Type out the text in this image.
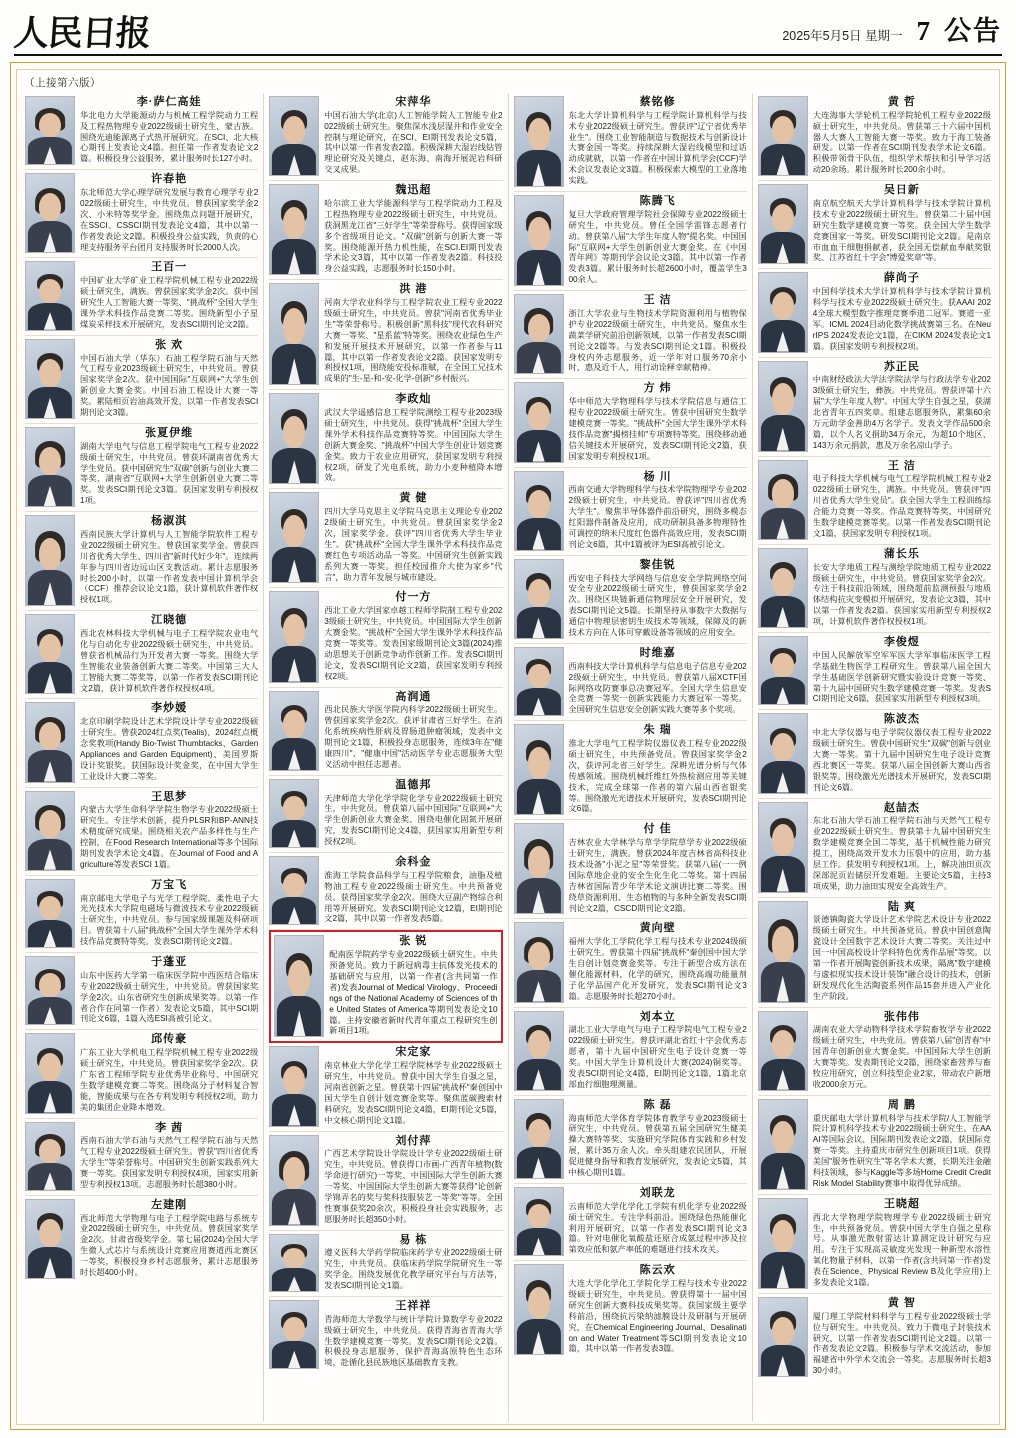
人民日报	2025年5月5日 星期一 7 公告
（上接第六版）
李·萨仁高娃
华北电力大学能源动力与机械工程学院动力工程及工程热物理专业2022级硕士研究生，蒙古族。围绕光迪能源离子式热开展研究。在SCI、北大核心期刊上发表论文4篇。担任第一作者发表论文2篇。积极投身公益服务，累计服务时长127小时。
许春艳
东北师范大学心理学研究发展与教育心理学专业2022级硕士研究生，中共党员。曾获国家奖学金2次、小米特等奖学金。围绕焦点问题开展研究，在SSCI、CSSCI期刊发表论文4篇，其中以第一作者发表论文2篇。积极投身公益实践，负责的心理支持服务平台团月支持服务时长2000人次。
王百一
中国矿业大学矿业工程学院机械工程专业2022级硕士研究生，满族。曾获国家奖学金2次。获中国研究生人工智能大赛一等奖、"挑战杯"全国大学生课外学术科技作品竞赛二等奖。围绕新型小子星煤炭采样技术开展研究，发表SCI期刊论文2篇。
张 欢
中国石油大学（华东）石油工程学院石油与天然气工程专业2023级硕士研究生，中共党员。曾获国家奖学金2次。获中国国际"互联网+"大学生创新创业大赛金奖。中国石油工程设计大赛一等奖。累陆相页岩油高效开发，以第一作者发表SCI期刊论文3篇。
张夏伊维
湖南大学电气与信息工程学院电气工程专业2022级硕士研究生，中共党员。曾获环湖南省优秀大学生党员。获中国研究生"双碳"创新与创业大赛二等奖、湖南省"互联网+大学生创新创业大赛二等奖。发表SCI期刊论文3篇。获国家发明专利授权1项。
杨淑淇
西南民族大学计算机与人工智能学院软件工程专业2022级硕士研究生。曾获国家奖学金。曾获四川省优秀大学生、四川省"新时代好少年"。连续两年参与四川省边远山区支教活动。累计志愿服务时长200小时，以第一作者发表中国计算机学会（CCF）推荐会议论文1篇，获计算机软件著作权授权1项。
江晓德
西北农林科技大学机械与电子工程学院农业电气化与自动化专业2022级硕士研究生，中共党员。曾获省机械品行为开发者大赛一等奖。围绕大学生智能农业装备创新大赛二等奖。中国第三大人工智能大赛二等奖等，以第一作者发表SCI期刊论文2篇，获计算机软件著作权授权4项。
李炒媛
北京印刷学院设计艺术学院设计学专业2022级硕士研究生。曾获2024红点奖(Tealis)、2024红点概念奖教项(Handy Bio-Twist Thumbtacks、Garden Appliances and Garden Equipment)、美国罗斯设计奖银奖。获国际设计奖金奖，在中国大学生工业设计大赛二等奖。
王思梦
内蒙古大学生命科学学院生物学专业2022级硕士研究生。专注学术创新，提升PLSR和BP-ANN技术精度研究成果。围绕相关农产品多样性与生产控制，在Food Research International等多个国际期刊发表学术论文4篇。在Journal of Food and Agriculture等发表SCI 1篇。
万宝飞
南京邮电大学电子与光学工程学院、柔性电子大光光技术大学院电磁场与微波技术专业2022级硕士研究生，中共党员。参与国家级课题及科研项目。曾获第十八届"挑战杯"全国大学生课外学术科技作品竞赛特等奖。发表SCI期刊论文2篇。
于蓬亚
山东中医药大学第一临床医学院中西医结合临床专业2022级硕士研究生，中共党员。曾获国家奖学金2次。山东省研究生创新成果奖等。以第一作者合作在同第一作者）发表论文5篇，其中SCI期刊论文6篇，1篇入选ESI高被引论文。
邱传豪
广东工业大学机电工程学院机械工程专业2022级硕士研究生，中共党员。曾获国家奖学金2次。获广东省工程师学院专业优秀毕业称号、中国研究生数学建模竞赛二等奖。围绕高分子材料复合智能，智能成果与在各专利发明专利授权2项，助力美的集团企业降本增效。
李 茜
西南石油大学石油与天然气工程学院石油与天然气工程专业2022级硕士研究生。曾获"四川省优秀大学生"等荣誉称号。中国研究生创新实践系列大赛一等奖。获国家发明专利授权4项，国家实用新型专利授权13项。志愿服务时长超380小时。
左建刚
西北师范大学物理与电子工程学院电路与系统专业2022级硕士研究生，中共党员。曾获国家奖学金2次。甘肃省级奖学金。第七届(2024)全国大学生微人式芯片与系统设计竞赛应用赛道西北赛区一等奖，积极投身乡村志愿服务，累计志愿服务时长超400小时。
宋萍华
中国石油大学(北京)人工智能学院人工智能专业2022级硕士研究生。聚焦深水浅层湿井和作业安全控制与理论研究，在SCI、EI期刊发表论文5篇，其中以第一作者发表2篇。积极深耕大湿岩线钻管理论研究及关键点，赵东海、南海开展泥岩科研交叉成果。
魏迅超
哈尔滨工业大学能源科学与工程学院动力工程及工程热物理专业2022级硕士研究生，中共党员。获洞黑龙江省"三好学生"等荣誉称号。获得国家级多个省级项目论文。"双碳"创新与创新大赛一等奖。围绕能源开热力机性能，在SCI.EI期刊发表学术论文3篇，其中以第一作者发表2篇。科技投身公益实践，志愿服务时长150小时。
洪 港
河南大学农业科学与工程学院农业工程专业2022级硕士研究生，中共党员。曾获"河南省优秀毕业生"等荣誉称号。积极创新"黑科技"现代农科研究大赛一等奖、"星系蓝"特等奖。围绕农业绿色生产和发展开展技术开展研究，以第一作者参与11篇，其中以第一作者发表论文2篇。获国家发明专利授权1项，围绕能安投标准赋，在全国工兄技术成果的"生-星-和-安-化学-创新"乡村振兴。
李政灿
武汉大学遥感信息工程学院测绘工程专业2023级硕士研究生，中共党员。获得"挑战杯"全国大学生课外学术科技作品竞赛特等奖。中国国际大学生创新大赛金奖、"挑战杯"中国大学生创业计划竞赛金奖。致力于农业应用研究，获国家发明专利授权2项，研发了光电系统，助力小麦种植降本增效。
黄 健
四川大学马克思主义学院马克思主义理论专业2022级硕士研究生，中共党员。曾获国家奖学金2次，国家奖学金。获评"四川省优秀大学生毕业生"。获"挑战杯"全国大学生课外学术科技作品竞赛红色专项活动品一等奖。中国研究生创新实践系列大赛一等奖。担任校园推介大使为家乡"代言"，助力青年发展与城市建设。
付一方
西北工业大学国家卓越工程师学院制工程专业2023级硕士研究生，中共党员。中国国际大学生创新大赛金奖。"挑战杯"全国大学生课外学术科技作品竞赛一等奖等。发表国家级期刊论文3篇(2024)推动思想关于创新竞争动作创新工作。发表SCI期刊论文，发表SCI期刊论文2篇，获国家发明专利授权2项。
高润通
西北民族大学医学院内科学2022级硕士研究生。曾获国家奖学金2次。获评甘肃省三好学生。在消化系统疾病性肝病及胃肠道肿瘤领域，发表中文期刊论文1篇，积极投身志愿服务，连续3年在"健康四川"、"健康中国"活动医学专业志愿服务大型义活动中担任志愿者。
温德邦
天津师范大学化学学院化学专业2022级硕士研究生，中共党员。曾获第八届中国国际"互联网+"大学生创新创业大赛金奖、围绕电催化固氮开展研究，发表SCI期刊论文4篇，获国家实用新型专利授权2项。
余科金
淮海工学院食品科学与工程学院粮食，油脂及植物油工程专业2022级硕士研究生。中共预备党员。获得国家奖学金2次。围绕大豆副产物综合利用等开展研究。发表SCI期刊论文12篇，EI期刊论文2篇，其中以第一作者发表5篇。
张 锐
配南医学院药学专业2022级硕士研究生。中共预备党员。致力于新冠病毒主抗体发光技术的基础研究与应用，以第一作者(含共同第一作者)发表Journal of Medical Virology、Proceedings of the National Academy of Sciences of the United States of America等期刊发表论文10篇。主持安徽省新时代青年重点工程研究生创新项目1项。
宋定家
南京林业大学化学工程学院林学专业2022级硕士研究生，中共党员。曾获中国大学生自强之星，河南省创新之星。曾获第十四届"挑战杯"秦创国中国大学生自创计划竞赛金奖等。聚焦蓝碳搜索材料研究，发表SCI期刊论文4篇，EI期刊论文5篇，中文核心期刊论文1篇。
刘付萍
广西艺术学院设计学院设计学专业2022级硕士研究生，中共党员。曾获得口市画-广西青年植物(数学命进行研究)一等奖、中国国际大学生创新大赛一等奖、中国国际大学生创新大赛等获得"论创新学锦弄名的奖与奖科技服装艺一等奖"等等。全国性赛事获奖20余次，积极投身社会实践服务，志愿服务时长超350小时。
易 栋
遵义医科大学药学院临床药学专业2022级硕士研究生，中共党员。获临床药学院学院研究生一等奖学金。围绕发展优化教学研究平台与方法等，发表SCI期刊论文1篇。
王祥祥
青海师范大学数学与统计学院计算数学专业2022级硕士研究生，中共党员。获得青海省青海大学生数学建模竞赛一等奖。发表SCI期刊论文2篇。积极投身志愿服务，保护青海高原特色生态环境，赴循化县民族地区基础教育支教。
蔡铭修
东北大学计算机科学与工程学院计算机科学与技术专业2022级硕士研究生。曾获评"辽宁省优秀毕业生"。围绕工业智能制造与数据技术与创新设计大赛金国一等奖。持续深耕大湿岩线模型和过话动成就就，以第一作者在中国计算机学会(CCF)学术会议发表论文3篇。积极探索大模型的工业落地实践。
陈腾飞
复旦大学政府管理学院社会保障专业2022级硕士研究生，中共党员。曾任全国学雷锋志愿者行动。曾获第八届"大学生年度人物"提名奖。中国国际"互联网+大学生创新创业大赛金奖。在《中国青年网》等期刊学会议论文3篇。其中以第一作者发表3篇。累计服务时长超2600小时，覆盖学生300余人。
王 洁
浙江大学农业与生物技术学院资源利用与植物保护专业2022级硕士研究生，中共党员。聚焦水生蔬菜学研究前沿创新领域，以第一作者发表SCI期刊论文2篇等。与发表SCI期刊论文1篇。积极投身校内外志愿服务，近一学年对口服务70余小时，惠及近千人，用行动诠释幸献精神。
方 炜
华中师范大学物理科学与技术学院信息与通信工程专业2022级硕士研究生。曾获中国研究生数学建模竞赛一等奖。"挑战杯"全国大学生课外学术科技作品竞赛"揭榜挂帅"专项赛特等奖。围绕移动通信关键技术开展研究，发表SCI期刊论文2篇，获国家发明专利授权1项。
杨 川
西南交通大学物理科学与技术学院物理学专业2022级硕士研究生，中共党员。曾获评"四川省优秀大学生"。聚焦半导体器件前沿研究，围绕多模态红阳器件制备及应用，成功研制具备多物理特性可调控的纳米尺度红色器件高效应用，发表SCI期刊论文6篇，其中1篇被评为ESI高被引论文。
黎佳锐
西安电子科技大学网络与信息安全学院网络空间安全专业2022级硕士研究生，曾获国家奖学金2次。围绕区块链新通信物理层安全开展研究，发表SCI期刊论文5篇。长期坚持从事数字大数据与通信中物理层密钥生成技术等领域，保障及的新技术方向在人体可穿戴设备等领域的应用安全。
时维嘉
西南科技大学计算机科学与信息电子信息专业2022级硕士研究生，中共党员。曾获第八届XCTF国际网络攻防赛事总决赛冠军。全国大学生信息安全竞赛一等奖一创新实践能力大赛冠军一等奖。全国研究生信息安全创新实践大赛等多个奖项。
朱 瑞
淮北大学电气工程学院仪器仪表工程专业2022级硕士研究生，中共预备党员。曾获国家奖学金2次，获评河北省三好学生。深耕光谱分析与气体传感领域。围绕机械纤维红外热检测应用等关键技术，完成全球第一作者的第六届山西省银奖等。围绕激光光谱技术开展研究，发表SCI期刊论文6篇。
付 佳
吉林农业大学林学与草学学院草学专业2022级硕士研究生，满族。曾获2024年度吉林省高科技业技术设备"小泥之星"等荣誉奖。获第八届(一一例国际草地企业的安全生化生化二等奖。第十四届吉林省国际青少年学术论文演讲比赛二等奖。围绕草资源利用、生态植物的与多种全新发表SCI期刊论文2篇，CSCD期刊论文2篇。
黄向壁
福州大学化工学院化学工程与技术专业2024级硕士研究生。曾获第十四届"挑战杯"秦创国中国大学生自创计划竞赛金奖等。专注于新型合成方法在催化能源材料，化学的研究，围绕高端功能量剂子化学品国产化开发研究，发表SCI期刊论文3篇。志愿服务时长超270小时。
刘本立
湖北工业大学电气与电子工程学院电气工程专业2022级硕士研究生。曾获评湖北省红十字会优秀志愿者，第十九届中国研究生电子设计竞赛一等奖。中国大学生计算机设计大赛(2024)铜奖等。发表SCI期刊论文4篇，EI期刊论文1篇，1篇北京部血行细胞理测量。
陈 磊
海南师范大学体育学院体育教学专业2023级硕士研究生，中共党员。曾获第五届全国研究生健美操大赛特等奖、实施研究学院体育实践和乡村发展，累计35万余人次。牵头组建农民团队，开展促进健身指导和教育发展研究，发表论文5篇，其中核心期刊1篇。
刘联龙
云南师范大学化学化工学院有机化学专业2022级硕士研究生。专注学科前沿。围绕绿色热能催化利用开展研究，以第一作者发表SCI期刊论文3篇。针对电催化氧酸盐还原合成氨过程中涉及拉第效应低和氨产率低的难题进行技术攻关。
陈云欢
大连大学化学化工学院化学工程与技术专业2022级硕士研究生，中共党员。曾获得第十一届中国研究生创新大赛科技成果奖等。获国家级主要学科前沿，围绕抗污染纳滤膜设计及研制与开展研究，在Chemical Engineering Journal、Desalination and Water Treatment等SCI期刊发表论文10篇，其中以第一作者发表3篇。
黄 哲
大连海事大学轮机工程学院轮机工程专业2022级硕士研究生，中共党员。曾获第三十六届中国机器人大赛人工智能大赛一等奖。致力于海工装备研发。以第一作者在SCI期刊发表学术论文6篇。积极带领骨干队伍，组织学术帮扶和引导学习活动20余场。累计服务时长200余小时。
吴日新
南京航空航天大学计算机科学与技术学院计算机技术专业2022级硕士研究生。曾获第二十届中国研究生数学建模竞赛一等奖。获全国大学生数学竞赛国家一等奖。研发SCI期刊论文2篇。是南京市血血干细胞捐献者，获全国无偿献血奉献奖银奖、江苏省红十字会"博爱奖章"等。
薛尚子
中国科学技术大学计算机科学与技术学院计算机科学与技术专业2022级硕士研究生。获AAAI 2024全球大模型数字推理竞赛季道二冠军。赛道一亚军。ICML 2024目动化数学挑战赛第三名。在NeurIPS 2024发表论文1篇，在CIKM 2024发表论文1篇。获国家发明专利授权2项。
苏正民
中南财经政法大学法学院法学与行政法学专业2023级硕士研究生，彝族。中共党员。曾获评第十六届"大学生年度人物"。中国大学生自强之星，获湖北省青年五四奖章。组建志愿服务队，累集60余万元助学金善助4万名学子。发表文学作品500余篇，以个人名义捐助34万余元，为超10个地区、143万余元捐款，惠及万余名凉山学子。
王 洁
电子科技大学机械与电气工程学院机械工程专业2022级硕士研究生，满族。中共党员。曾获评"四川省优秀大学生党员"。获全国大学生工程训练综合能力竞赛一等奖。作品竞赛特等奖，中国研究生数学建模竞赛等奖。以第一作者发表SCI期刊论文1篇，获国家发明专利授权1项。
蒲长乐
长安大学地质工程与测绘学院地质工程专业2022级硕士研究生，中共党员。曾获国家奖学金2次。专注于科技前沿领域，围绕超前监测预报与地质体结构抗灾变模拟开展研究，发表论文3篇，其中以第一作者发表2篇。获国家实用新型专利授权2项，计算机软件著作权授权1项。
李俊煜
中国人民解放军空军军医大学军事临床医学工程学基础生物医学工程研究生。曾获第八届全国大学生基础医学创新研究暨实验设计竞赛一等奖、第十九届中国研究生数学建模竞赛一等奖。发表SCI期刊论文6篇，获国家实用新型专利授权3项。
陈波杰
中北大学仪器与电子学院仪器仪表工程专业2022级硕士研究生。曾获中国研究生"双碳"创新与创业大赛一等奖。第十九届中国研究生电子设计竞赛西北赛区一等奖。获第八届全国创新大赛山西省银奖等。围绕激光光谱技术开展研究，发表SCI期刊论文6篇。
赵喆杰
东北石油大学石油工程学院石油与天然气工程专业2022级硕士研究生。曾获第十九届中国研究生数学建模竞赛全国二等奖，基于机械性能力研究提工，围绕高效开发水力压裂中的应用，助力基层工作。获发明专利授权1项。上，解决油田页次深部泥页岩储层开发难题。主要论文5篇，主持3项成果，助力油田实现安全高效生产。
陆 爽
景德镇陶瓷大学设计艺术学院艺术设计专业2022级硕士研究生。中共预备党员。曾获中国创意陶瓷设计全国数字艺术设计大赛二等奖。关注过中国一中国高校设计学科特色优秀作品展"等奖。以第一作者开展陶瓷创新技术成果，隔离"数字建模与虚拟现实技术设计装饰"融合设计的技术，创新研发现代化生活陶瓷系列作品15套并进入产业化生产阶段。
张伟伟
湖南农业大学动物科学技术学院畜牧学专业2022级硕士研究生，中共党员。曾获第八届"创青春"中国青年创新创业大赛金奖。中国国际大学生创新大赛等奖。发表期刊论文2篇，围绕家畜营养与畜牧应用研究，创立科技型企业2家，带动农户新增收2000余万元。
周 鹏
重庆邮电大学计算机科学与技术学院/人工智能学院计算机科学技术专业2022级硕士研究生。在AAAI等国际会议、国际期刊发表论文2篇，获国际竞赛一等奖。主持重庆市研究生创新项目1项。获得美国"服务性研究生"等名学术大赛，长期关注金融科技领域，参与Kaggle等多场Home Credit Credit Risk Model Stability赛事中取得优异成绩。
王晓超
西北大学物理学院物理学专业2022级硕士研究生，中共预备党员。曾获中国大学生自强之星称号。从事激光散射雷达计算测定设计研究与应用。专注于实现高灵敏度光发现一种新型水溶性氧化物量子材料，以第一作者(含共同第一作者)发表在Science、Physical Review B及化学应用)上多发表论文1篇。
黄 智
厦门理工学院材料科学与工程专业2022级硕士学位与研究生。中共党员。致力于微电子封装技术研究，以第一作者发表SCI期刊论文2篇。以第一作者发表论文2篇。积极参与学术交流活动，参加福建省中外学术交流会一等奖。志愿服务时长超330小时。
